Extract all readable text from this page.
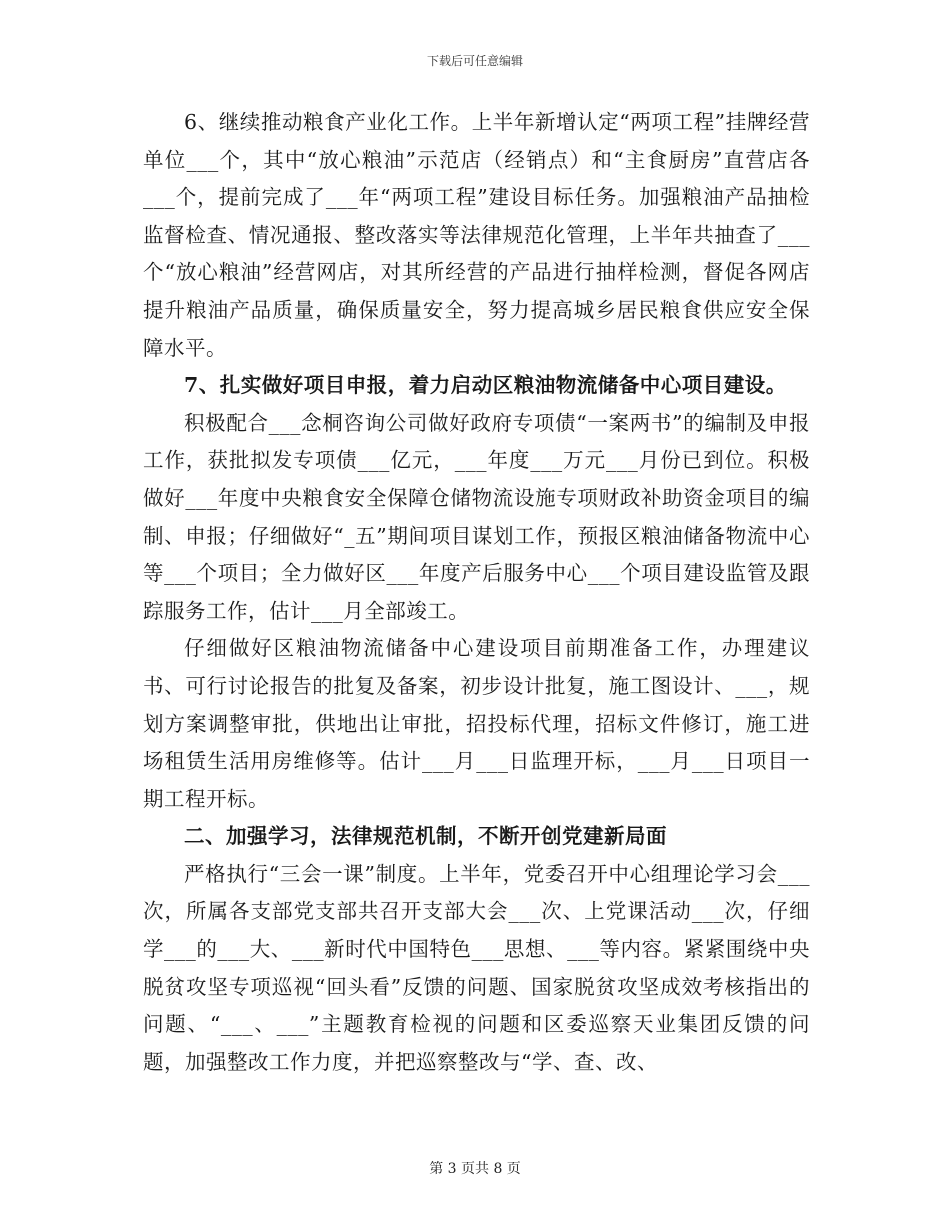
下载后可任意编辑

6、继续推动粮食产业化工作。上半年新增认定“两项工程”挂牌经营单位___个，其中“放心粮油”示范店（经销点）和“主食厨房”直营店各___个，提前完成了___年“两项工程”建设目标任务。加强粮油产品抽检监督检查、情况通报、整改落实等法律规范化管理，上半年共抽查了___个“放心粮油”经营网店，对其所经营的产品进行抽样检测，督促各网店提升粮油产品质量，确保质量安全，努力提高城乡居民粮食供应安全保障水平。

7、扎实做好项目申报，着力启动区粮油物流储备中心项目建设。

积极配合___念桐咨询公司做好政府专项债“一案两书”的编制及申报工作，获批拟发专项债___亿元，___年度___万元___月份已到位。积极做好___年度中央粮食安全保障仓储物流设施专项财政补助资金项目的编制、申报；仔细做好“_五”期间项目谋划工作，预报区粮油储备物流中心等___个项目；全力做好区___年度产后服务中心___个项目建设监管及跟踪服务工作，估计___月全部竣工。

仔细做好区粮油物流储备中心建设项目前期准备工作，办理建议书、可行讨论报告的批复及备案，初步设计批复，施工图设计、___，规划方案调整审批，供地出让审批，招投标代理，招标文件修订，施工进场租赁生活用房维修等。估计___月___日监理开标，___月___日项目一期工程开标。

二、加强学习，法律规范机制，不断开创党建新局面

严格执行“三会一课”制度。上半年，党委召开中心组理论学习会___次，所属各支部党支部共召开支部大会___次、上党课活动___次，仔细学___的___大、___新时代中国特色___思想、___等内容。紧紧围绕中央脱贫攻坚专项巡视“回头看”反馈的问题、国家脱贫攻坚成效考核指出的问题、“___、___”主题教育检视的问题和区委巡察天业集团反馈的问题，加强整改工作力度，并把巡察整改与“学、查、改、

第 3 页共 8 页
